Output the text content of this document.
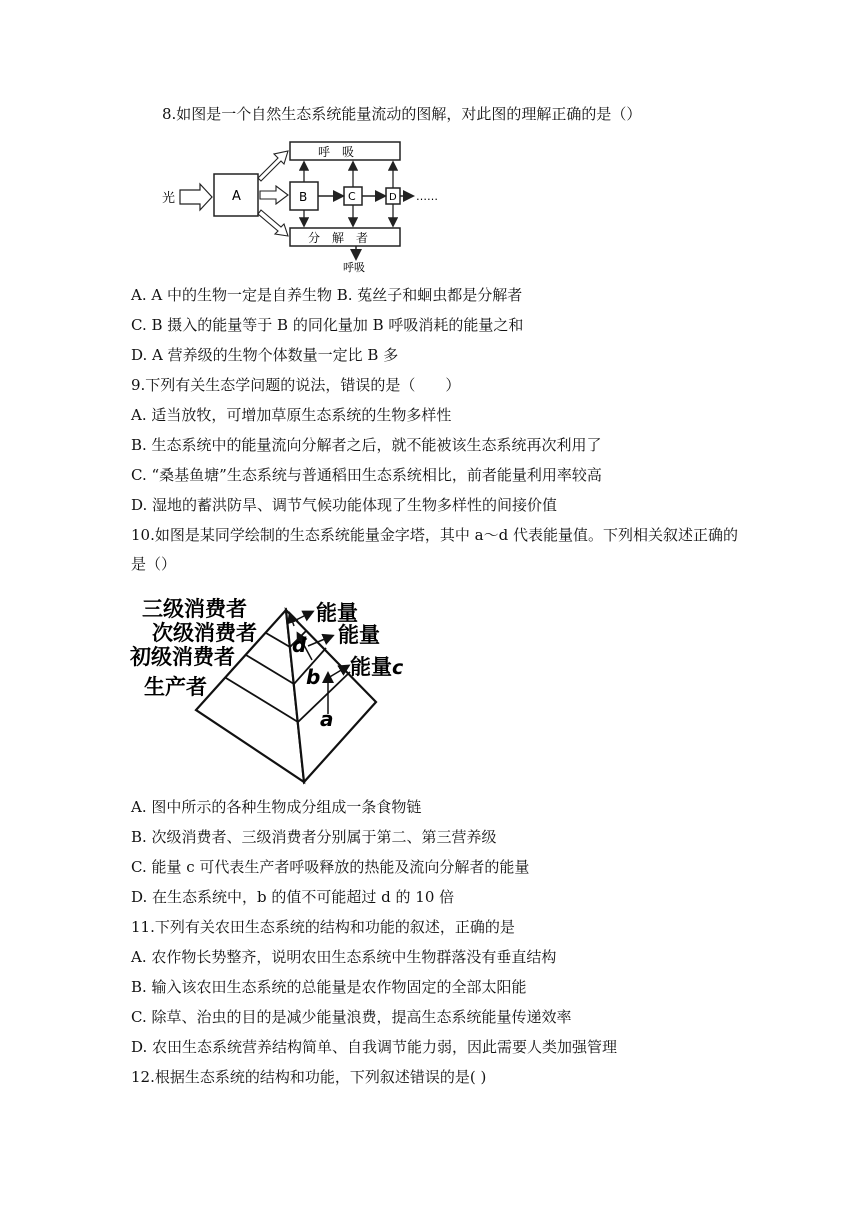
8.如图是一个自然生态系统能量流动的图解，对此图的理解正确的是（）
光	A
呼　吸
分　解　者
B	C	D ……
呼吸
A. A 中的生物一定是自养生物 B. 菟丝子和蛔虫都是分解者
C. B 摄入的能量等于 B 的同化量加 B 呼吸消耗的能量之和
D. A 营养级的生物个体数量一定比 B 多
9.下列有关生态学问题的说法，错误的是（　　）
A. 适当放牧，可增加草原生态系统的生物多样性
B. 生态系统中的能量流向分解者之后，就不能被该生态系统再次利用了
C. “桑基鱼塘”生态系统与普通稻田生态系统相比，前者能量利用率较高
D. 湿地的蓄洪防旱、调节气候功能体现了生物多样性的间接价值
10.如图是某同学绘制的生态系统能量金字塔，其中 a～d 代表能量值。下列相关叙述正确的
是（）
三级消费者
次级消费者
初级消费者
生产者
能量
能量
能量 c
a
b
d
A. 图中所示的各种生物成分组成一条食物链
B. 次级消费者、三级消费者分别属于第二、第三营养级
C. 能量 c 可代表生产者呼吸释放的热能及流向分解者的能量
D. 在生态系统中，b 的值不可能超过 d 的 10 倍
11.下列有关农田生态系统的结构和功能的叙述，正确的是
A. 农作物长势整齐，说明农田生态系统中生物群落没有垂直结构
B. 输入该农田生态系统的总能量是农作物固定的全部太阳能
C. 除草、治虫的目的是减少能量浪费，提高生态系统能量传递效率
D. 农田生态系统营养结构简单、自我调节能力弱，因此需要人类加强管理
12.根据生态系统的结构和功能，下列叙述错误的是( )
